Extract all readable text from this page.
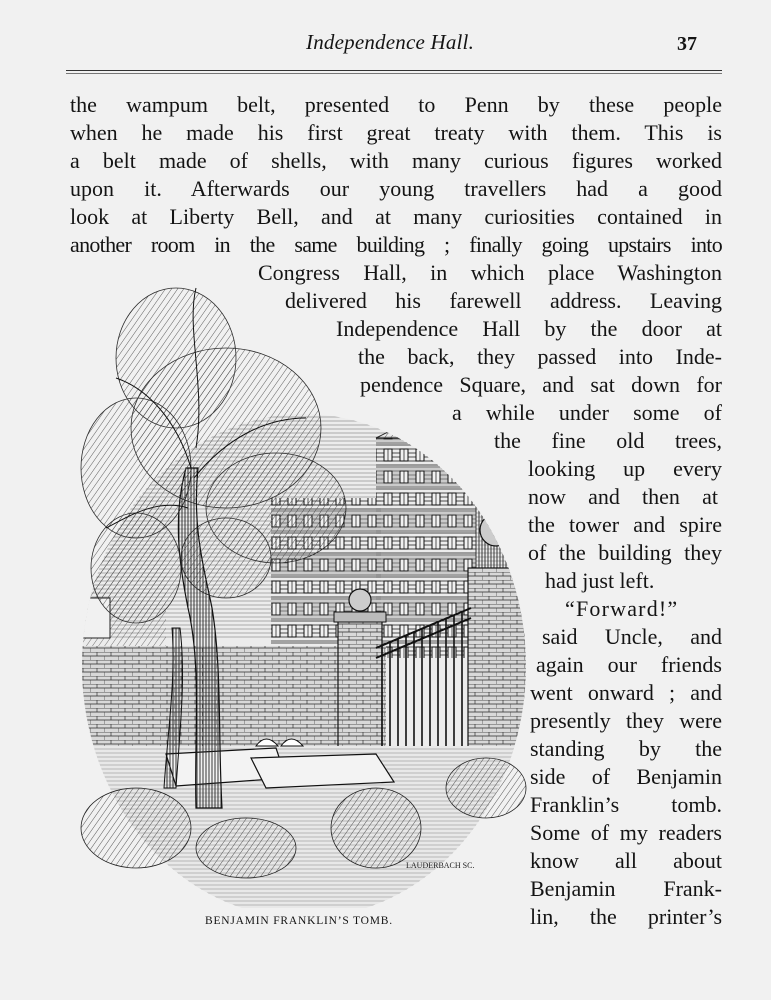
Independence Hall.	37
the wampum belt, presented to Penn by these people
when he made his first great treaty with them. This is
a belt made of shells, with many curious figures worked
upon it. Afterwards our young travellers had a good
look at Liberty Bell, and at many curiosities contained in
another room in the same building ; finally going upstairs into
Congress Hall, in which place Washington
delivered his farewell address. Leaving
Independence Hall by the door at
the back, they passed into Inde-
pendence Square, and sat down for
a while under some of
the fine old trees,
looking up every
now and then at
the tower and spire
of the building they
had just left.
“Forward!”
said Uncle, and
again our friends
went onward ; and
presently they were
standing by the
side of Benjamin
Franklin’s tomb.
Some of my readers
know all about
Benjamin Frank-
lin, the printer’s
LAUDERBACH SC.
BENJAMIN FRANKLIN’S TOMB.
